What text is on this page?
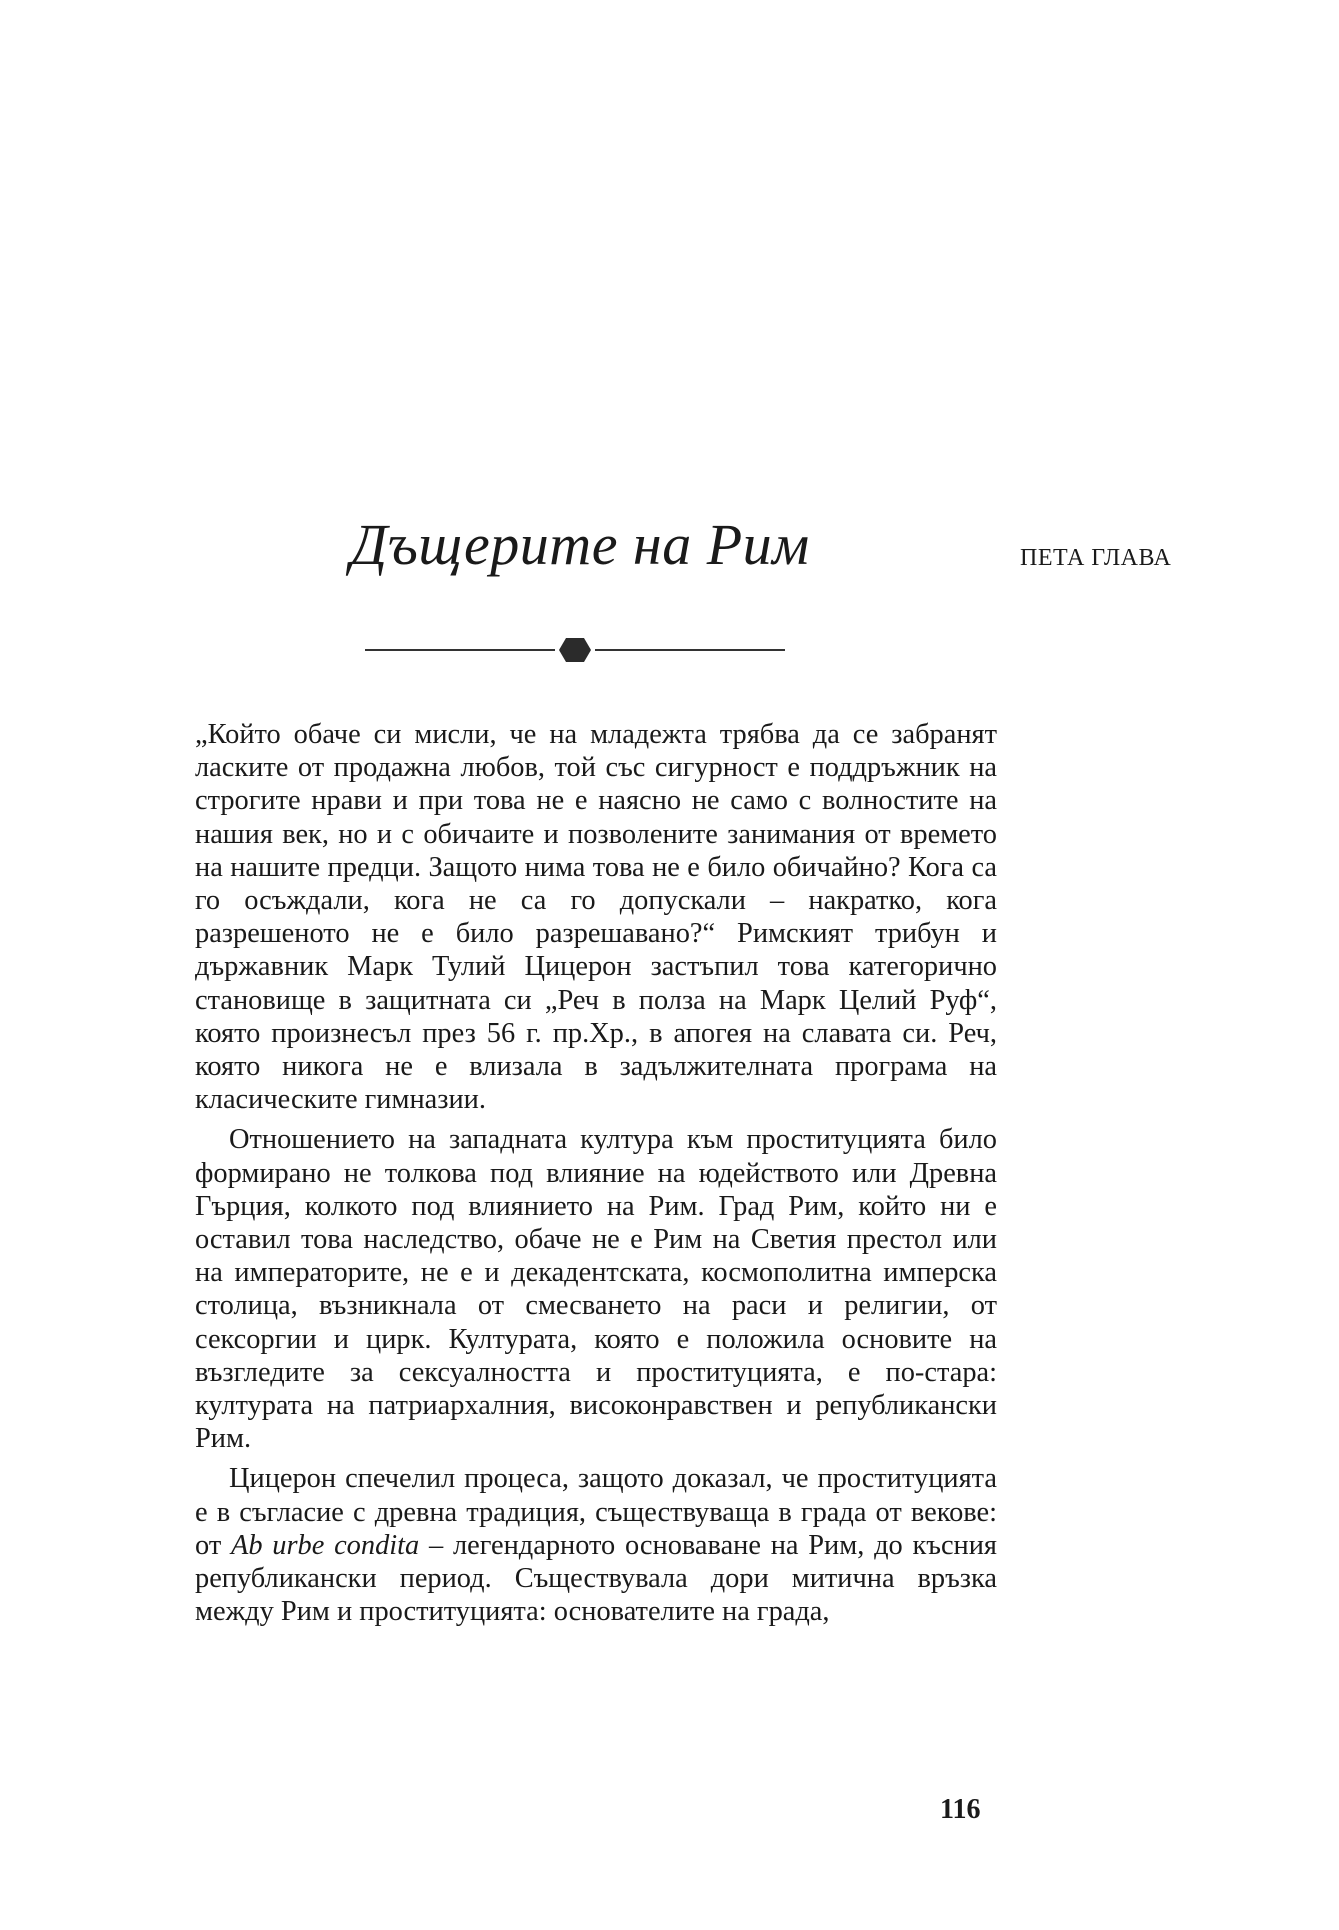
Дъщерите на Рим	ПЕТА ГЛАВА

„Който обаче си мисли, че на младежта трябва да се забранят ласките от продажна любов, той със сигурност е поддръжник на строгите нрави и при това не е наясно не само с волностите на нашия век, но и с обичаите и позволените занимания от времето на нашите предци. Защото нима това не е било обичайно? Кога са го осъждали, кога не са го допускали – накратко, кога разрешеното не е било разрешавано?“ Римският трибун и държавник Марк Тулий Цицерон застъпил това категорично становище в защитната си „Реч в полза на Марк Целий Руф“, която произнесъл през 56 г. пр.Хр., в апогея на славата си. Реч, която никога не е влизала в задължителната програма на класическите гимназии.

Отношението на западната култура към проституцията било формирано не толкова под влияние на юдейството или Древна Гърция, колкото под влиянието на Рим. Град Рим, който ни е оставил това наследство, обаче не е Рим на Светия престол или на императорите, не е и декадентската, космополитна имперска столица, възникнала от смесването на раси и религии, от сексоргии и цирк. Културата, която е положила основите на възгледите за сексуалността и проституцията, е по-стара: културата на патриархалния, високонравствен и републикански Рим.

Цицерон спечелил процеса, защото доказал, че проституцията е в съгласие с древна традиция, съществуваща в града от векове: от Ab urbe condita – легендарното основаване на Рим, до късния републикански период. Съществувала дори митична връзка между Рим и проституцията: основателите на града,

116
